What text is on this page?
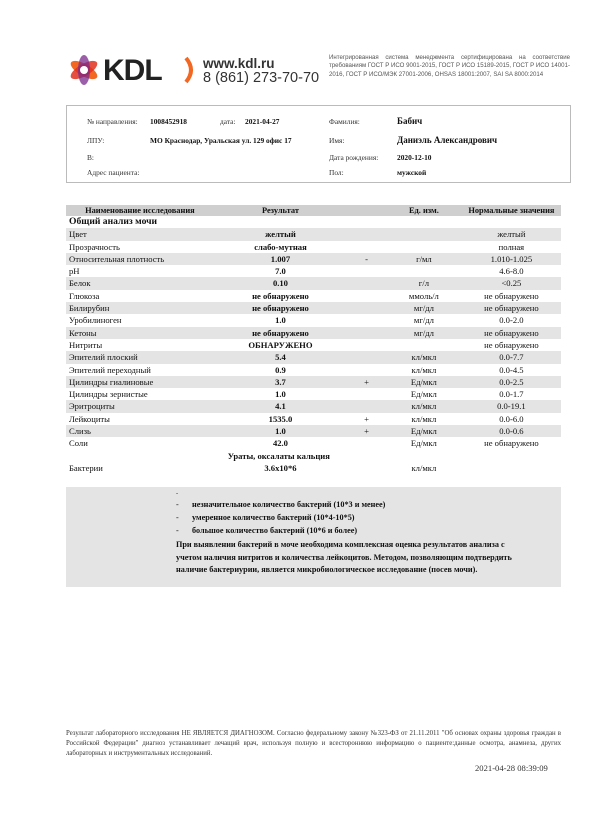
KDL	www.kdl.ru
8 (861) 273-70-70
Интегрированная система менеджмента сертифицирована на соответствие требованиям ГОСТ Р ИСО 9001-2015, ГОСТ Р ИСО 15189-2015, ГОСТ Р ИСО 14001-2016, ГОСТ Р ИСО/МЭК 27001-2006, OHSAS 18001:2007, SAI SA 8000:2014
№ направления: 1008452918	дата: 2021-04-27	Фамилия:	Бабич
ЛПУ:	МО Краснодар, Уральская ул. 129 офис 17	Имя:	Даниэль Александрович
В:	Дата рождения:	2020-12-10
Адрес пациента:	Пол:	мужской
Наименование исследования	Результат		Ед. изм.	Нормальные значения
Общий анализ мочи				
Цвет	желтый			желтый
Прозрачность	слабо-мутная			полная
Относительная плотность	1.007	-	г/мл	1.010-1.025
pH	7.0			4.6-8.0
Белок	0.10		г/л	<0.25
Глюкоза	не обнаружено		ммоль/л	не обнаружено
Билирубин	не обнаружено		мг/дл	не обнаружено
Уробилиноген	1.0		мг/дл	0.0-2.0
Кетоны	не обнаружено		мг/дл	не обнаружено
Нитриты	ОБНАРУЖЕНО			не обнаружено
Эпителий плоский	5.4		кл/мкл	0.0-7.7
Эпителий переходный	0.9		кл/мкл	0.0-4.5
Цилиндры гиалиновые	3.7	+	Ед/мкл	0.0-2.5
Цилиндры зернистые	1.0		Ед/мкл	0.0-1.7
Эритроциты	4.1		кл/мкл	0.0-19.1
Лейкоциты	1535.0	+	кл/мкл	0.0-6.0
Слизь	1.0	+	Ед/мкл	0.0-0.6
Соли	42.0		Ед/мкл	не обнаружено
	Ураты, оксалаты кальция			
Бактерии	3.6x10*6		кл/мкл	
.
- незначительное количество бактерий (10*3 и менее)
- умеренное количество бактерий (10*4-10*5)
- большое количество бактерий (10*6 и более)
При выявлении бактерий в моче необходима комплексная оценка результатов анализа с учетом наличия нитритов и количества лейкоцитов. Методом, позволяющим подтвердить наличие бактериурии, является микробиологическое исследование (посев мочи).
Результат лабораторного исследования НЕ ЯВЛЯЕТСЯ ДИАГНОЗОМ. Согласно федеральному закону №323-ФЗ от 21.11.2011 "Об основах охраны здоровья граждан в Российской Федерации" диагноз устанавливает лечащий врач, используя полную и всестороннюю информацию о пациенте:данные осмотра, анамнеза, других лабораторных и инструментальных исследований.
2021-04-28 08:39:09
